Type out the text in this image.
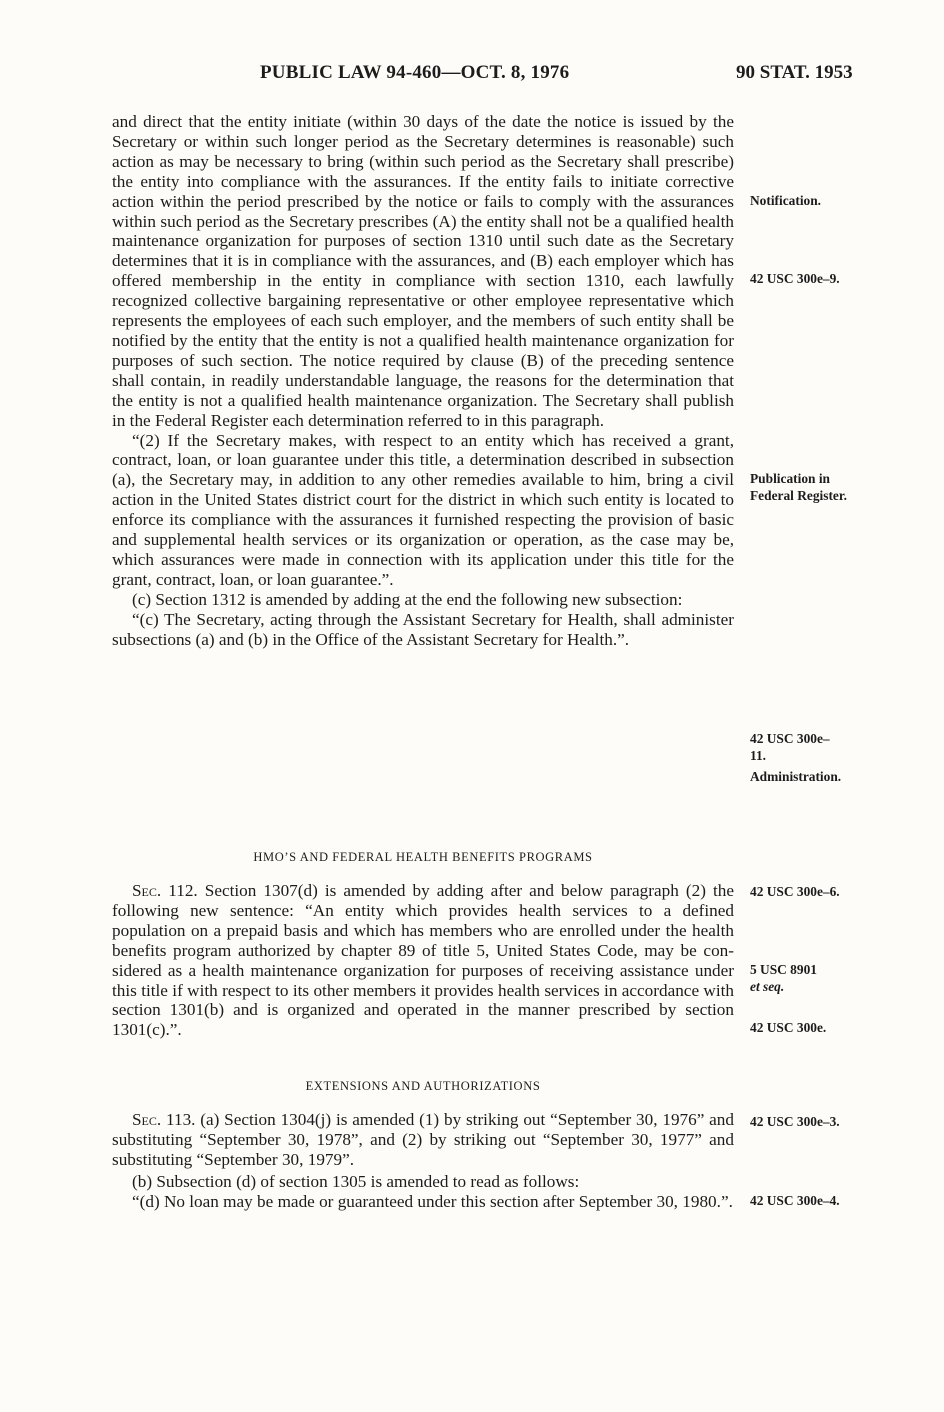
PUBLIC LAW 94-460—OCT. 8, 1976	90 STAT. 1953

and direct that the entity initiate (within 30 days of the date the notice is issued by the Secretary or within such longer period as the Secretary determines is reasonable) such action as may be necessary to bring (within such period as the Secretary shall prescribe) the entity into compliance with the assurances. If the entity fails to initiate corrective action within the period prescribed by the notice or fails to comply with the assurances within such period as the Secretary prescribes (A) the entity shall not be a qualified health maintenance organization for purposes of section 1310 until such date as the Secretary determines that it is in compliance with the assurances, and (B) each employer which has offered membership in the entity in compliance with section 1310, each lawfully recognized collective bargaining representative or other employee representative which represents the employees of each such employer, and the members of such entity shall be notified by the entity that the entity is not a qualified health maintenance organization for purposes of such section. The notice required by clause (B) of the preceding sentence shall contain, in readily understandable language, the reasons for the determination that the entity is not a qualified health maintenance organization. The Secretary shall publish in the Federal Register each determination referred to in this paragraph.

“(2) If the Secretary makes, with respect to an entity which has received a grant, contract, loan, or loan guarantee under this title, a determination described in subsection (a), the Secretary may, in addition to any other remedies available to him, bring a civil action in the United States district court for the district in which such entity is located to enforce its compliance with the assurances it furnished respecting the provision of basic and supplemental health services or its organization or operation, as the case may be, which assurances were made in connection with its application under this title for the grant, contract, loan, or loan guarantee.”.

(c) Section 1312 is amended by adding at the end the following new subsection:

“(c) The Secretary, acting through the Assistant Secretary for Health, shall administer subsections (a) and (b) in the Office of the Assistant Secretary for Health.”.

HMO’S AND FEDERAL HEALTH BENEFITS PROGRAMS

Sec. 112. Section 1307(d) is amended by adding after and below paragraph (2) the following new sentence: “An entity which provides health services to a defined population on a prepaid basis and which has members who are enrolled under the health benefits program authorized by chapter 89 of title 5, United States Code, may be considered as a health maintenance organization for purposes of receiving assistance under this title if with respect to its other members it provides health services in accordance with section 1301(b) and is organized and operated in the manner prescribed by section 1301(c).”.

EXTENSIONS AND AUTHORIZATIONS

Sec. 113. (a) Section 1304(j) is amended (1) by striking out “September 30, 1976” and substituting “September 30, 1978”, and (2) by striking out “September 30, 1977” and substituting “September 30, 1979”.

(b) Subsection (d) of section 1305 is amended to read as follows:

“(d) No loan may be made or guaranteed under this section after September 30, 1980.”.

Notification.
42 USC 300e–9.
Publication in
Federal Register.
42 USC 300e–
11.
Administration.
42 USC 300e–6.
5 USC 8901
et seq.
42 USC 300e.
42 USC 300e–3.
42 USC 300e–4.
